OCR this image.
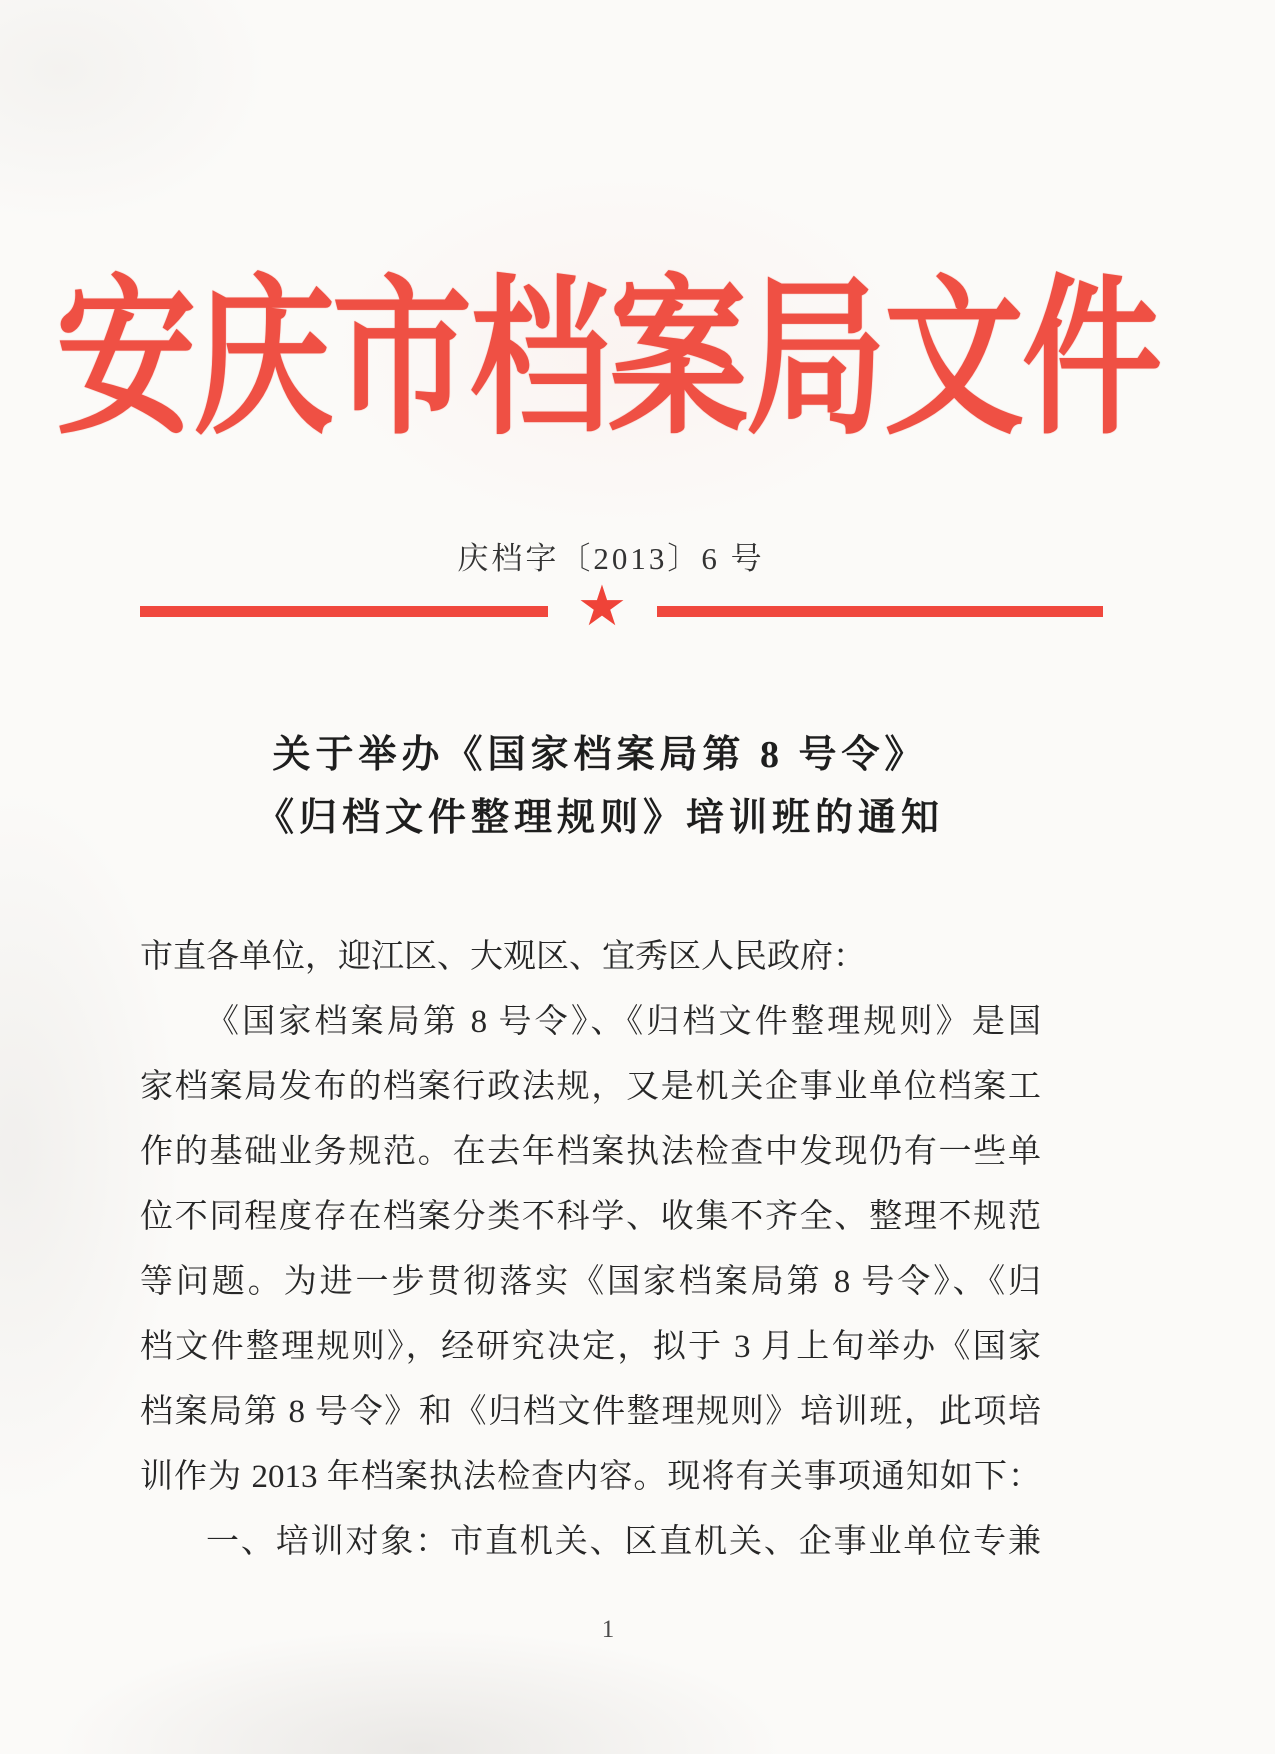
安庆市档案局文件
庆档字〔2013〕6 号
★
关于举办《国家档案局第 8 号令》
《归档文件整理规则》培训班的通知
市直各单位，迎江区、大观区、宜秀区人民政府：
《国家档案局第 8 号令》、《归档文件整理规则》是国
家档案局发布的档案行政法规，又是机关企事业单位档案工
作的基础业务规范。在去年档案执法检查中发现仍有一些单
位不同程度存在档案分类不科学、收集不齐全、整理不规范
等问题。为进一步贯彻落实《国家档案局第 8 号令》、《归
档文件整理规则》，经研究决定，拟于 3 月上旬举办《国家
档案局第 8 号令》和《归档文件整理规则》培训班，此项培
训作为 2013 年档案执法检查内容。现将有关事项通知如下：
一、培训对象：市直机关、区直机关、企事业单位专兼
1
